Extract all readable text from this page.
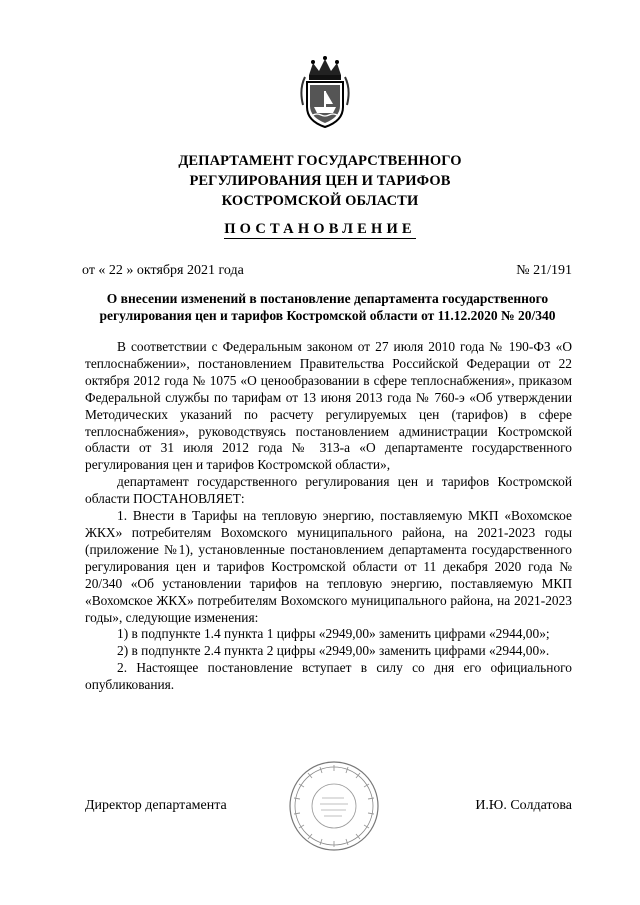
ДЕПАРТАМЕНТ ГОСУДАРСТВЕННОГО
РЕГУЛИРОВАНИЯ ЦЕН И ТАРИФОВ
КОСТРОМСКОЙ ОБЛАСТИ
ПОСТАНОВЛЕНИЕ
от « 22 » октября 2021 года	№ 21/191
О внесении изменений в постановление департамента государственного
регулирования цен и тарифов Костромской области от 11.12.2020 № 20/340

В соответствии с Федеральным законом от 27 июля 2010 года № 190-ФЗ «О теплоснабжении», постановлением Правительства Российской Федерации от 22 октября 2012 года № 1075 «О ценообразовании в сфере теплоснабжения», приказом Федеральной службы по тарифам от 13 июня 2013 года № 760-э «Об утверждении Методических указаний по расчету регулируемых цен (тарифов) в сфере теплоснабжения», руководствуясь постановлением администрации Костромской области от 31 июля 2012 года № 313-а «О департаменте государственного регулирования цен и тарифов Костромской области»,

департамент государственного регулирования цен и тарифов Костромской области ПОСТАНОВЛЯЕТ:

1. Внести в Тарифы на тепловую энергию, поставляемую МКП «Вохомское ЖКХ» потребителям Вохомского муниципального района, на 2021-2023 годы (приложение №1), установленные постановлением департамента государственного регулирования цен и тарифов Костромской области от 11 декабря 2020 года № 20/340 «Об установлении тарифов на тепловую энергию, поставляемую МКП «Вохомское ЖКХ» потребителям Вохомского муниципального района, на 2021-2023 годы», следующие изменения:

1) в подпункте 1.4 пункта 1 цифры «2949,00» заменить цифрами «2944,00»;

2) в подпункте 2.4 пункта 2 цифры «2949,00» заменить цифрами «2944,00».

2. Настоящее постановление вступает в силу со дня его официального опубликования.

Директор департамента	И.Ю. Солдатова
